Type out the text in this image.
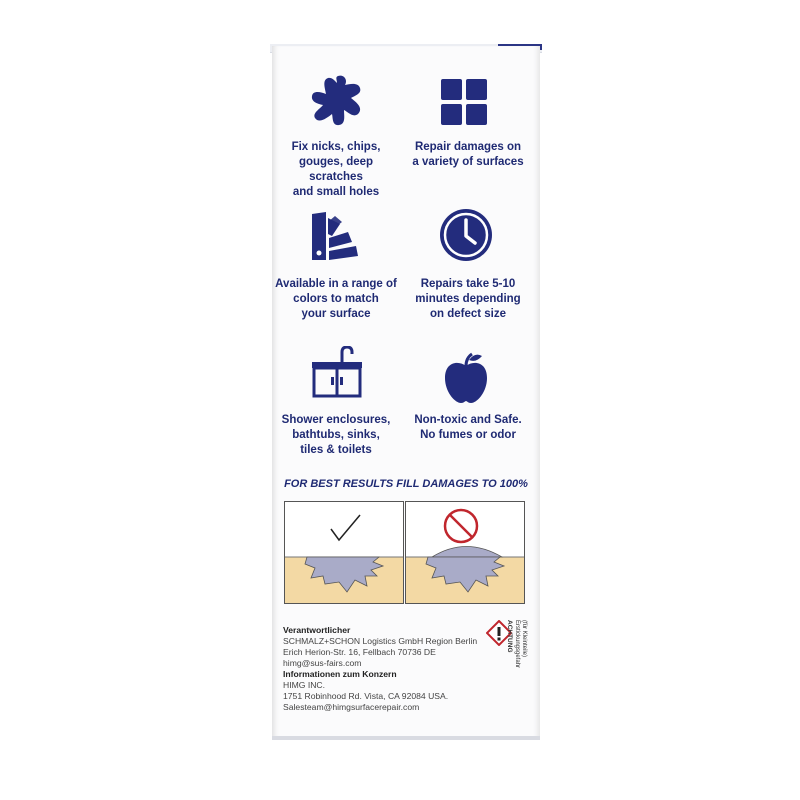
Fix nicks, chips,
gouges, deep scratches
and small holes
Repair damages on
a variety of surfaces
Available in a range of
colors to match
your surface
Repairs take 5-10
minutes depending
on defect size
Shower enclosures,
bathtubs, sinks,
tiles & toilets
Non-toxic and Safe.
No fumes or odor
FOR BEST RESULTS FILL DAMAGES TO 100%
Verantwortlicher
SCHMALZ+SCHON Logistics GmbH Region Berlin
Erich Herion-Str. 16, Fellbach 70736 DE
himg@sus-fairs.com
Informationen zum Konzern
HIMG INC.
1751 Robinhood Rd. Vista, CA 92084 USA.
Salesteam@himgsurfacerepair.com
ACHTUNG Erstickungsgefahr (für Kleinteile)
